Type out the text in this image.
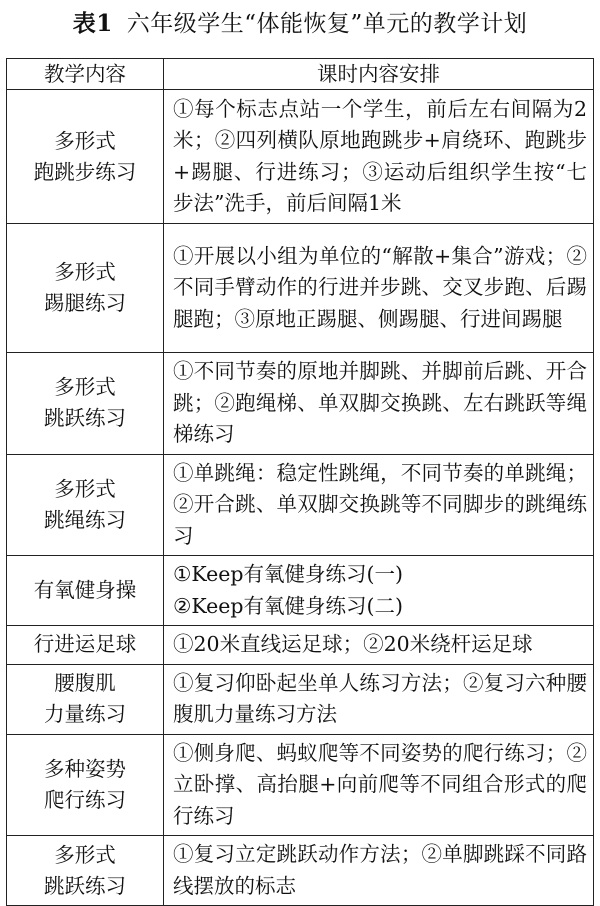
表1 六年级学生“体能恢复”单元的教学计划
教学内容	课时内容安排

多形式
跑跳步练习	①每个标志点站一个学生，前后左右间隔为2米；②四列横队原地跑跳步+肩绕环、跑跳步+踢腿、行进练习；③运动后组织学生按“七步法”洗手，前后间隔1米

多形式
踢腿练习	①开展以小组为单位的“解散+集合”游戏；②不同手臂动作的行进并步跳、交叉步跑、后踢腿跑；③原地正踢腿、侧踢腿、行进间踢腿

多形式
跳跃练习	①不同节奏的原地并脚跳、并脚前后跳、开合跳；②跑绳梯、单双脚交换跳、左右跳跃等绳梯练习

多形式
跳绳练习	①单跳绳：稳定性跳绳，不同节奏的单跳绳；②开合跳、单双脚交换跳等不同脚步的跳绳练习

有氧健身操	①Keep有氧健身练习(一)
②Keep有氧健身练习(二)

行进运足球	①20米直线运足球；②20米绕杆运足球

腰腹肌
力量练习	①复习仰卧起坐单人练习方法；②复习六种腰腹肌力量练习方法

多种姿势
爬行练习	①侧身爬、蚂蚁爬等不同姿势的爬行练习；②立卧撑、高抬腿+向前爬等不同组合形式的爬行练习

多形式
跳跃练习	①复习立定跳跃动作方法；②单脚跳踩不同路线摆放的标志
